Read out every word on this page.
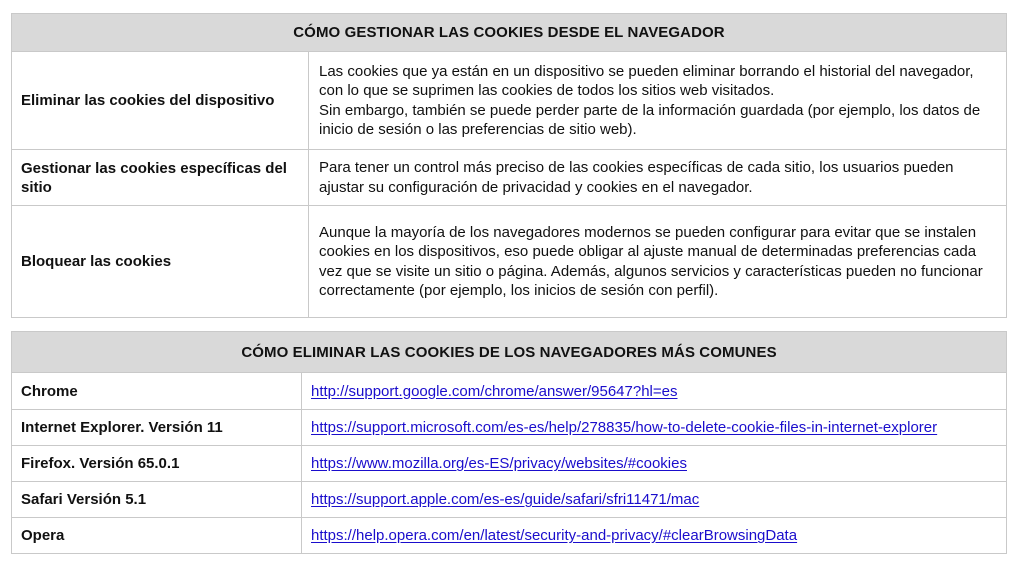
CÓMO GESTIONAR LAS COOKIES DESDE EL NAVEGADOR	
Eliminar las cookies del dispositivo	Las cookies que ya están en un dispositivo se pueden eliminar borrando el historial del navegador, con lo que se suprimen las cookies de todos los sitios web visitados.

Sin embargo, también se puede perder parte de la información guardada (por ejemplo, los datos de inicio de sesión o las preferencias de sitio web).

Gestionar las cookies específicas del sitio	Para tener un control más preciso de las cookies específicas de cada sitio, los usuarios pueden ajustar su configuración de privacidad y cookies en el navegador.

Bloquear las cookies	Aunque la mayoría de los navegadores modernos se pueden configurar para evitar que se instalen cookies en los dispositivos, eso puede obligar al ajuste manual de determinadas preferencias cada vez que se visite un sitio o página. Además, algunos servicios y características pueden no funcionar correctamente (por ejemplo, los inicios de sesión con perfil).

CÓMO ELIMINAR LAS COOKIES DE LOS NAVEGADORES MÁS COMUNES	
Chrome	http://support.google.com/chrome/answer/95647?hl=es
Internet Explorer. Versión 11	https://support.microsoft.com/es-es/help/278835/how-to-delete-cookie-files-in-internet-explorer
Firefox. Versión 65.0.1	https://www.mozilla.org/es-ES/privacy/websites/#cookies
Safari Versión 5.1	https://support.apple.com/es-es/guide/safari/sfri11471/mac
Opera	https://help.opera.com/en/latest/security-and-privacy/#clearBrowsingData
